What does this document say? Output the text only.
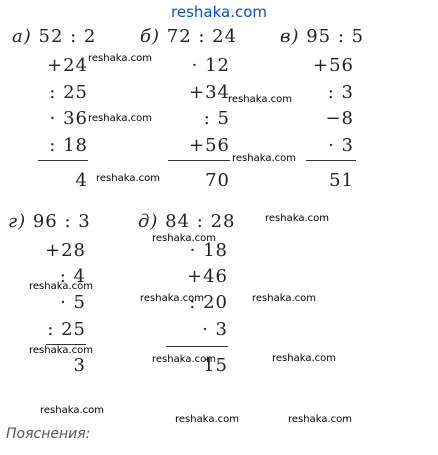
reshaka.com
а) 52 : 2
+24
: 25
· 36
: 18
4
б) 72 : 24
· 12
+34
: 5
+56
70
в) 95 : 5
+56
: 3
−8
· 3
51
г) 96 : 3
+28
: 4
· 5
: 25
3
д) 84 : 28
· 18
+46
: 20
· 3
15
reshaka.com
reshaka.com
reshaka.com
reshaka.com
reshaka.com
reshaka.com
reshaka.com
reshaka.com
reshaka.com	reshaka.com
reshaka.com
reshaka.com	reshaka.com
reshaka.com
reshaka.com	reshaka.com
Пояснения:
